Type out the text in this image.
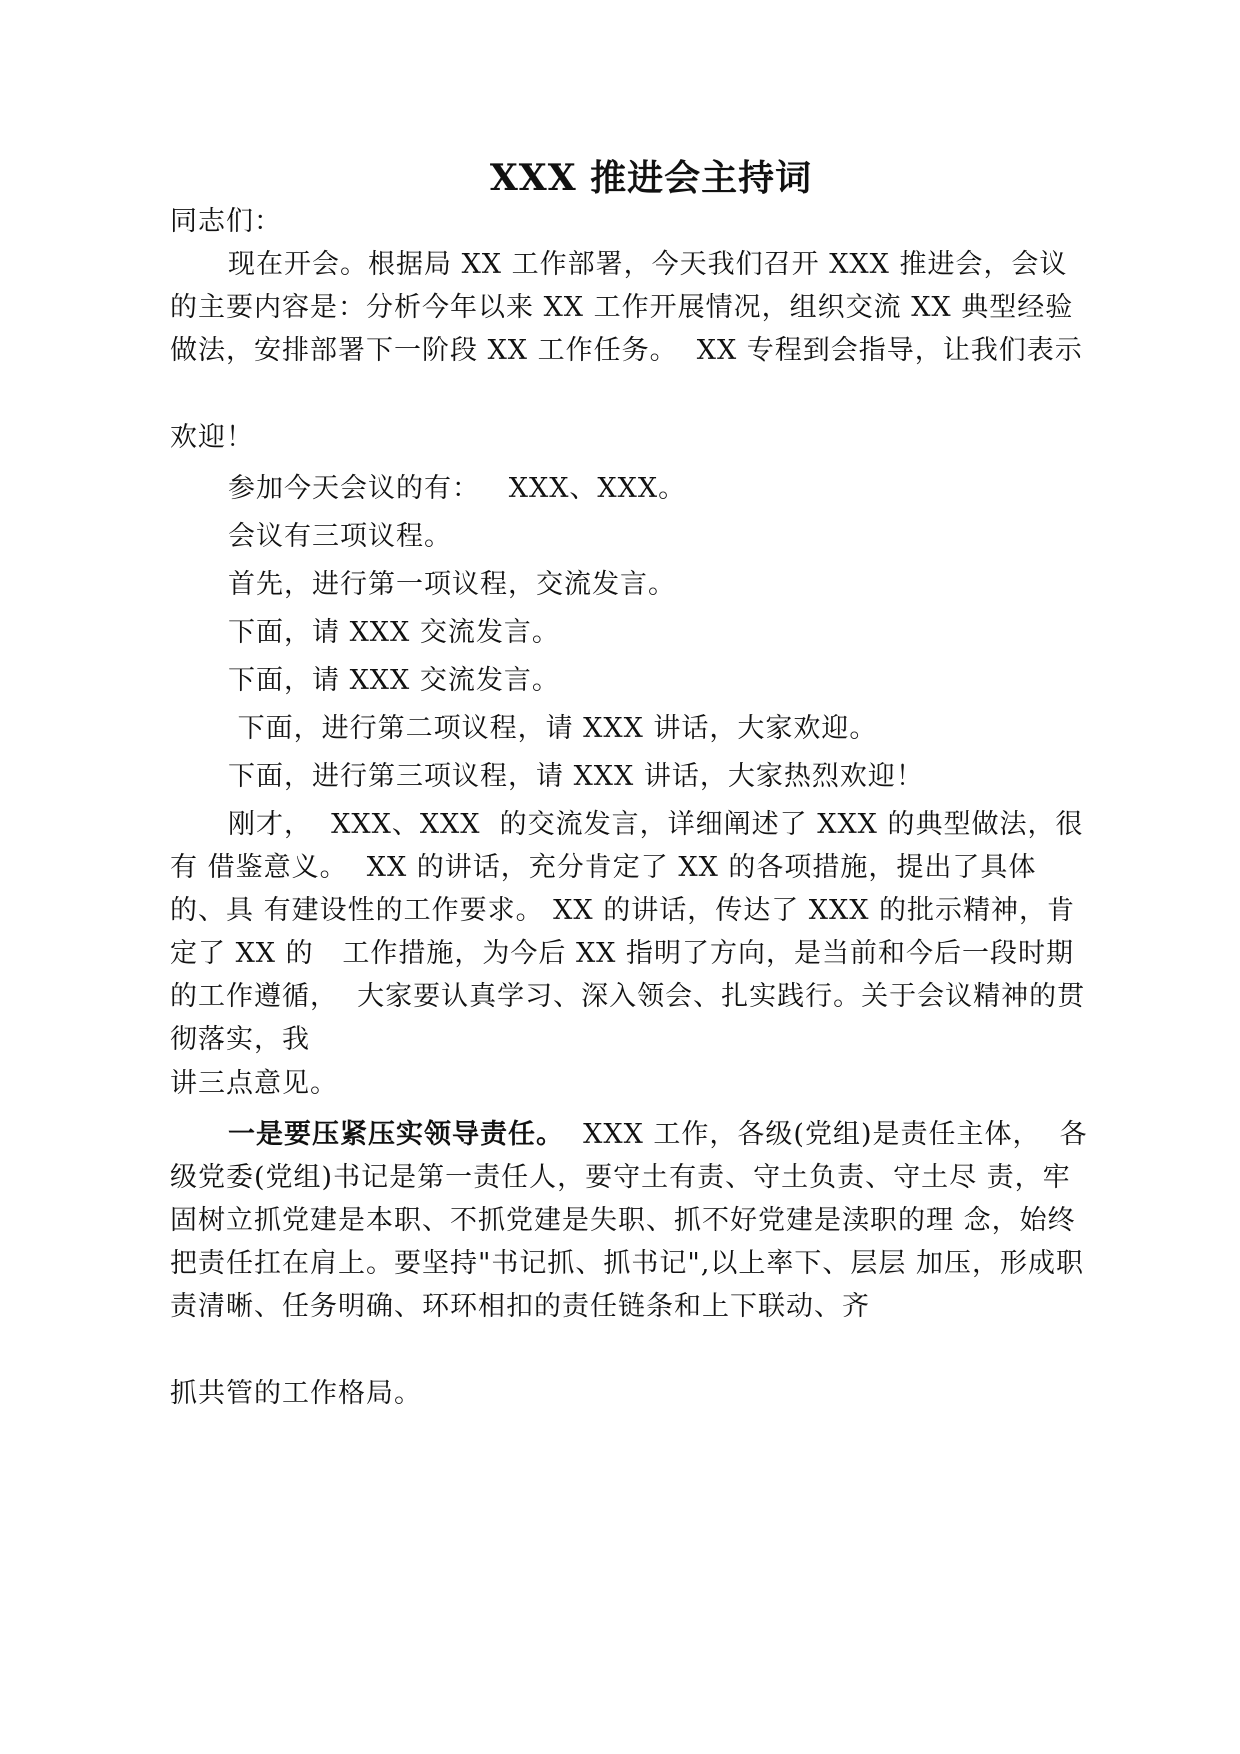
XXX 推进会主持词

同志们：

现在开会。根据局 XX 工作部署，今天我们召开 XXX 推进会，会议 的主要内容是：分析今年以来 XX 工作开展情况，组织交流 XX 典型经验 做法，安排部署下一阶段 XX 工作任务。  XX 专程到会指导，让我们表示

欢迎！

参加今天会议的有：   XXX、XXX。

会议有三项议程。

首先，进行第一项议程，交流发言。

下面，请 XXX 交流发言。

下面，请 XXX 交流发言。

下面，进行第二项议程，请 XXX 讲话，大家欢迎。

下面，进行第三项议程，请 XXX 讲话，大家热烈欢迎！

刚才，  XXX、XXX  的交流发言，详细阐述了 XXX 的典型做法，很有 借鉴意义。  XX 的讲话，充分肯定了 XX 的各项措施，提出了具体的、具 有建设性的工作要求。 XX 的讲话，传达了 XXX 的批示精神，肯定了 XX 的   工作措施，为今后 XX 指明了方向，是当前和今后一段时期的工作遵循，  大家要认真学习、深入领会、扎实践行。关于会议精神的贯彻落实，我

讲三点意见。

一是要压紧压实领导责任。  XXX 工作，各级(党组)是责任主体，  各级党委(党组)书记是第一责任人，要守土有责、守土负责、守土尽 责，牢固树立抓党建是本职、不抓党建是失职、抓不好党建是渎职的理 念，始终把责任扛在肩上。要坚持"书记抓、抓书记",以上率下、层层 加压，形成职责清晰、任务明确、环环相扣的责任链条和上下联动、齐

抓共管的工作格局。
